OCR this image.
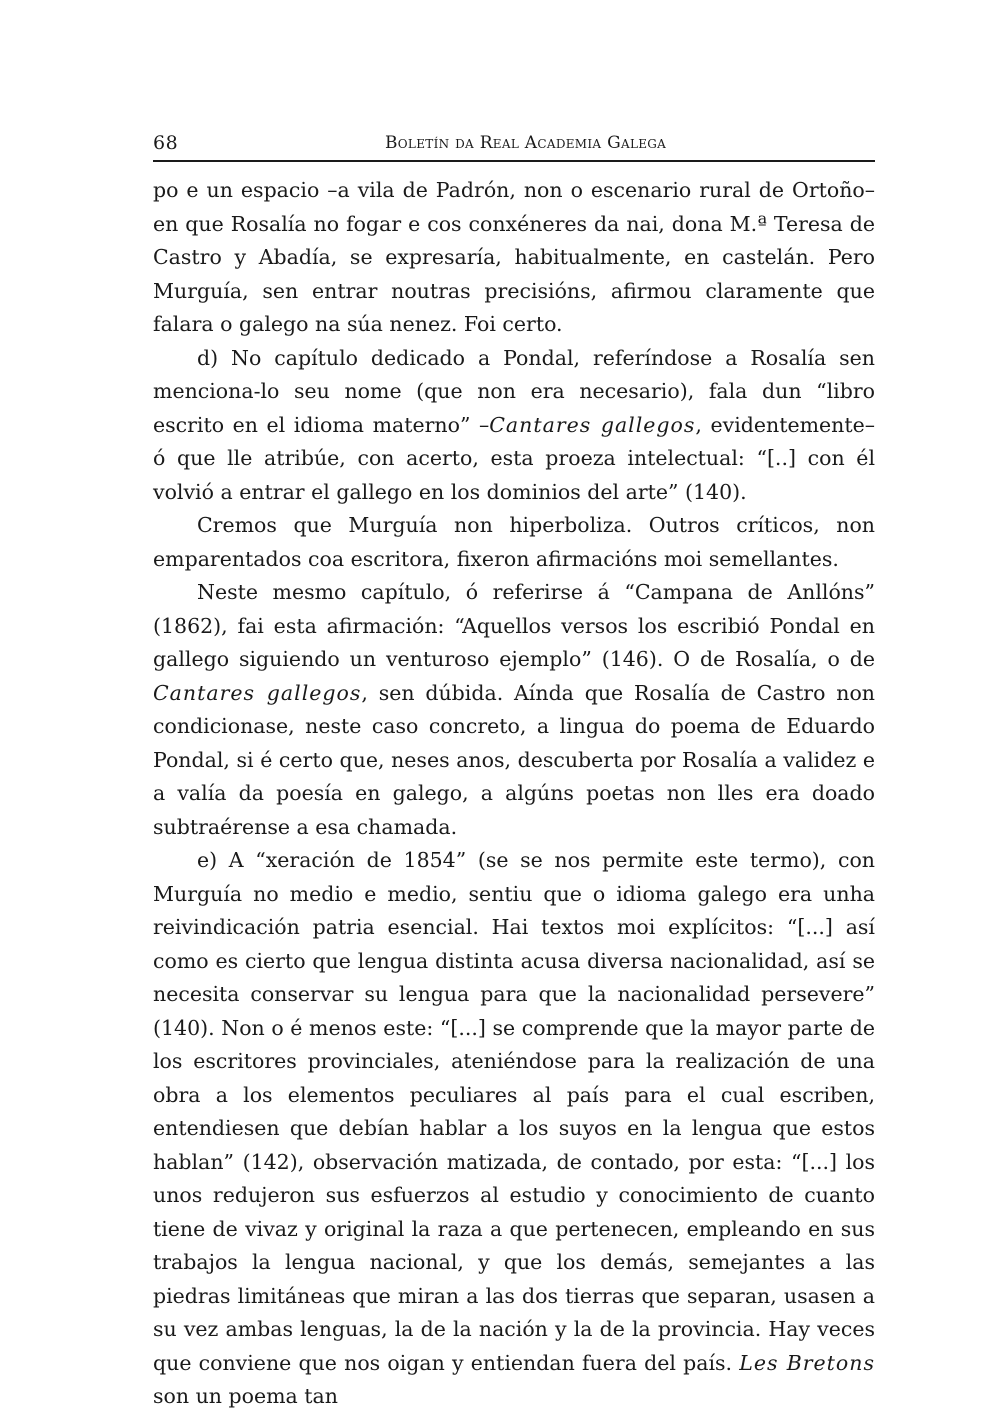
68	Boletín da Real Academia Galega

po e un espacio –a vila de Padrón, non o escenario rural de Ortoño– en que Rosalía no fogar e cos conxéneres da nai, dona M.ª Teresa de Castro y Abadía, se expresaría, habitualmente, en castelán. Pero Murguía, sen entrar noutras precisións, afirmou claramente que falara o galego na súa nenez. Foi certo.

d) No capítulo dedicado a Pondal, referíndose a Rosalía sen menciona-lo seu nome (que non era necesario), fala dun “libro escrito en el idioma materno” –Cantares gallegos, evidentemente– ó que lle atribúe, con acerto, esta proeza intelectual: “[..] con él volvió a entrar el gallego en los dominios del arte” (140).

Cremos que Murguía non hiperboliza. Outros críticos, non emparentados coa escritora, fixeron afirmacións moi semellantes.

Neste mesmo capítulo, ó referirse á “Campana de Anllóns” (1862), fai esta afirmación: “Aquellos versos los escribió Pondal en gallego siguiendo un venturoso ejemplo” (146). O de Rosalía, o de Cantares gallegos, sen dúbida. Aínda que Rosalía de Castro non condicionase, neste caso concreto, a lingua do poema de Eduardo Pondal, si é certo que, neses anos, descuberta por Rosalía a validez e a valía da poesía en galego, a algúns poetas non lles era doado subtraérense a esa chamada.

e) A “xeración de 1854” (se se nos permite este termo), con Murguía no medio e medio, sentiu que o idioma galego era unha reivindicación patria esencial. Hai textos moi explícitos: “[...] así como es cierto que lengua distinta acusa diversa nacionalidad, así se necesita conservar su lengua para que la nacionalidad persevere” (140). Non o é menos este: “[...] se comprende que la mayor parte de los escritores provinciales, ateniéndose para la realización de una obra a los elementos peculiares al país para el cual escriben, entendiesen que debían hablar a los suyos en la lengua que estos hablan” (142), observación matizada, de contado, por esta: “[...] los unos redujeron sus esfuerzos al estudio y conocimiento de cuanto tiene de vivaz y original la raza a que pertenecen, empleando en sus trabajos la lengua nacional, y que los demás, semejantes a las piedras limitáneas que miran a las dos tierras que separan, usasen a su vez ambas lenguas, la de la nación y la de la provincia. Hay veces que conviene que nos oigan y entiendan fuera del país. Les Bretons son un poema tan
